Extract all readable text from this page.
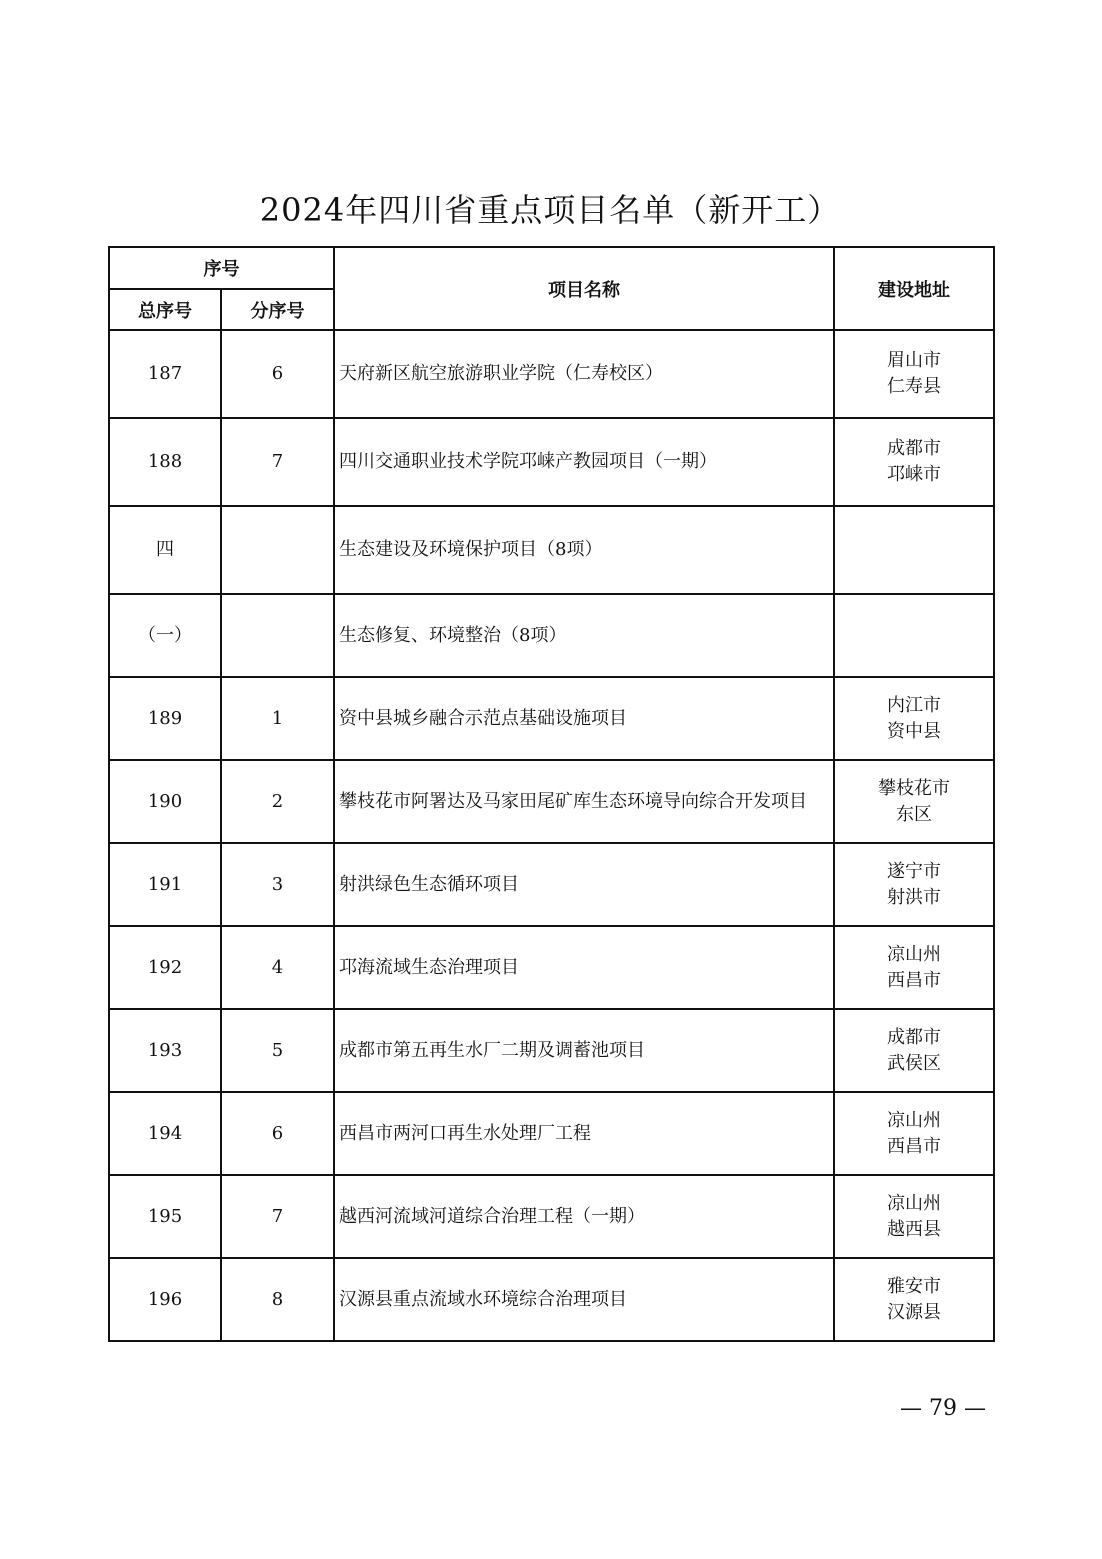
2024年四川省重点项目名单（新开工）
序号		项目名称	建设地址
总序号	分序号		
187	6	天府新区航空旅游职业学院（仁寿校区）	眉山市
仁寿县

188	7	四川交通职业技术学院邛崃产教园项目（一期）	成都市
邛崃市

四		生态建设及环境保护项目（8项）	

（一）		生态修复、环境整治（8项）	

189	1	资中县城乡融合示范点基础设施项目	内江市
资中县

190	2	攀枝花市阿署达及马家田尾矿库生态环境导向综合开发项目	攀枝花市
东区

191	3	射洪绿色生态循环项目	遂宁市
射洪市

192	4	邛海流域生态治理项目	凉山州
西昌市

193	5	成都市第五再生水厂二期及调蓄池项目	成都市
武侯区

194	6	西昌市两河口再生水处理厂工程	凉山州
西昌市

195	7	越西河流域河道综合治理工程（一期）	凉山州
越西县

196	8	汉源县重点流域水环境综合治理项目	雅安市
汉源县
— 79 —
